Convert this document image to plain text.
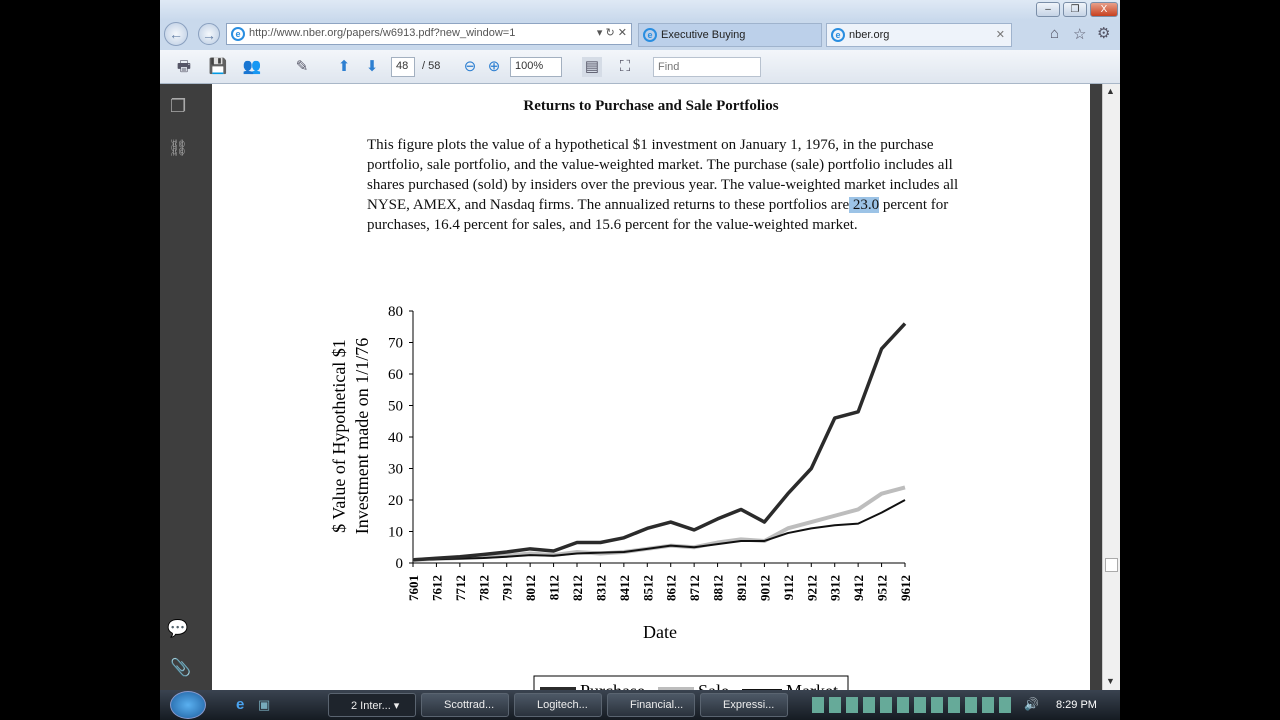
–	❐	X
←	→	e http://www.nber.org/papers/w6913.pdf?new_window=1	▾ ↻ ✕	e Executive Buying	e nber.org	✕	⌂ ☆ ⚙
🖶 💾 👥 ✎ ⬆ ⬇	48	/ 58 ⊖ ⊕	100%	▤	⛶
Find
❐
⛓
💬
📎
Returns to Purchase and Sale Portfolios
This figure plots the value of a hypothetical $1 investment on January 1, 1976, in the purchase portfolio, sale portfolio, and the value-weighted market. The purchase (sale) portfolio includes all shares purchased (sold) by insiders over the previous year. The value-weighted market includes all NYSE, AMEX, and Nasdaq firms. The annualized returns to these portfolios are 23.0 percent for purchases, 16.4 percent for sales, and 15.6 percent for the value-weighted market.
0
10
20
30
40
50
60
70
80
7601 7612 7712 7812 7912 8012 8112 8212 8312 8412 8512 8612 8712 8812 8912 9012 9112 9212 9312 9412 9512 9612
Date
$ Value of Hypothetical $1 Investment made on 1/1/76
▲
▼
e ▣	2 Inter... ▾	Scottrad...	Logitech...	Financial...	Expressi...	🔊 8:29 PM
